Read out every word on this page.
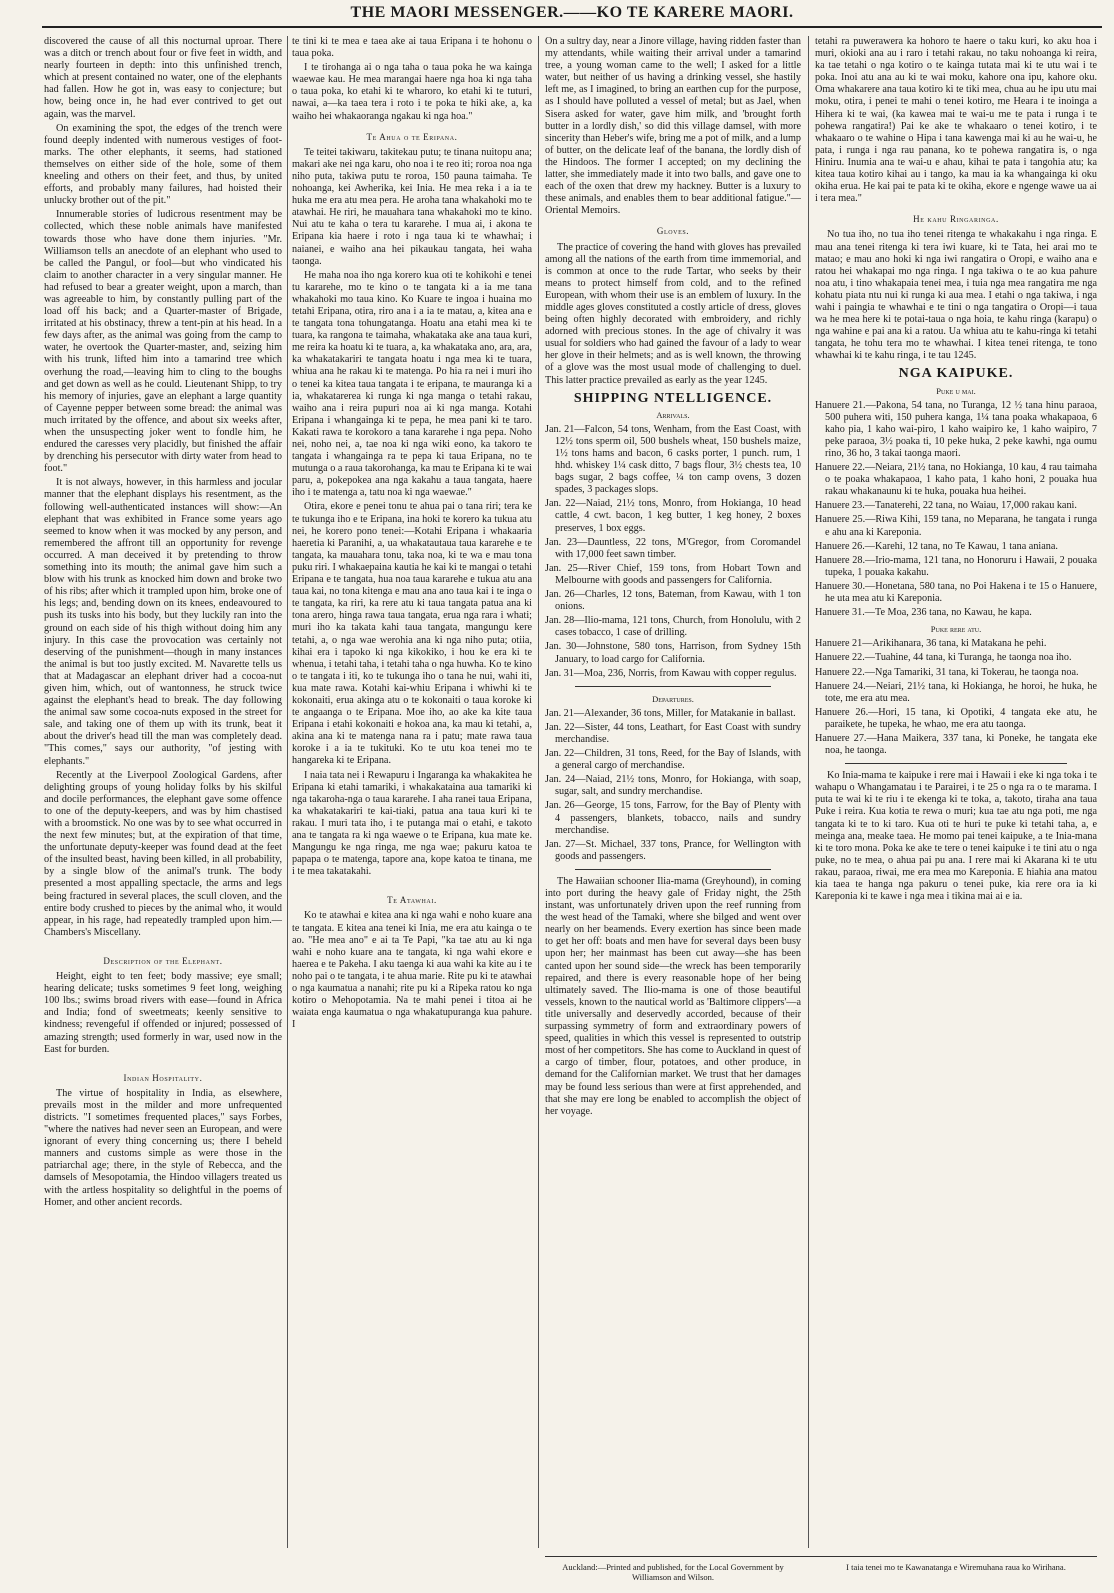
THE MAORI MESSENGER.——KO TE KARERE MAORI.

discovered the cause of all this nocturnal uproar. There was a ditch or trench about four or five feet in width, and nearly fourteen in depth: into this unfinished trench, which at present contained no water, one of the elephants had fallen. How he got in, was easy to conjecture; but how, being once in, he had ever contrived to get out again, was the marvel.

On examining the spot, the edges of the trench were found deeply indented with numerous vestiges of foot-marks. The other elephants, it seems, had stationed themselves on either side of the hole, some of them kneeling and others on their feet, and thus, by united efforts, and probably many failures, had hoisted their unlucky brother out of the pit."

Innumerable stories of ludicrous resentment may be collected, which these noble animals have manifested towards those who have done them injuries. "Mr. Williamson tells an anecdote of an elephant who used to be called the Pangul, or fool—but who vindicated his claim to another character in a very singular manner. He had refused to bear a greater weight, upon a march, than was agreeable to him, by constantly pulling part of the load off his back; and a Quarter-master of Brigade, irritated at his obstinacy, threw a tent-pin at his head. In a few days after, as the animal was going from the camp to water, he overtook the Quarter-master, and, seizing him with his trunk, lifted him into a tamarind tree which overhung the road,—leaving him to cling to the boughs and get down as well as he could. Lieutenant Shipp, to try his memory of injuries, gave an elephant a large quantity of Cayenne pepper between some bread: the animal was much irritated by the offence, and about six weeks after, when the unsuspecting joker went to fondle him, he endured the caresses very placidly, but finished the affair by drenching his persecutor with dirty water from head to foot."

It is not always, however, in this harmless and jocular manner that the elephant displays his resentment, as the following well-authenticated instances will show:—An elephant that was exhibited in France some years ago seemed to know when it was mocked by any person, and remembered the affront till an opportunity for revenge occurred. A man deceived it by pretending to throw something into its mouth; the animal gave him such a blow with his trunk as knocked him down and broke two of his ribs; after which it trampled upon him, broke one of his legs; and, bending down on its knees, endeavoured to push its tusks into his body, but they luckily ran into the ground on each side of his thigh without doing him any injury. In this case the provocation was certainly not deserving of the punishment—though in many instances the animal is but too justly excited. M. Navarette tells us that at Madagascar an elephant driver had a cocoa-nut given him, which, out of wantonness, he struck twice against the elephant's head to break. The day following the animal saw some cocoa-nuts exposed in the street for sale, and taking one of them up with its trunk, beat it about the driver's head till the man was completely dead. "This comes," says our authority, "of jesting with elephants."

Recently at the Liverpool Zoological Gardens, after delighting groups of young holiday folks by his skilful and docile performances, the elephant gave some offence to one of the deputy-keepers, and was by him chastised with a broomstick. No one was by to see what occurred in the next few minutes; but, at the expiration of that time, the unfortunate deputy-keeper was found dead at the feet of the insulted beast, having been killed, in all probability, by a single blow of the animal's trunk. The body presented a most appalling spectacle, the arms and legs being fractured in several places, the scull cloven, and the entire body crushed to pieces by the animal who, it would appear, in his rage, had repeatedly trampled upon him.—Chambers's Miscellany.

Description of the Elephant.

Height, eight to ten feet; body massive; eye small; hearing delicate; tusks sometimes 9 feet long, weighing 100 lbs.; swims broad rivers with ease—found in Africa and India; fond of sweetmeats; keenly sensitive to kindness; revengeful if offended or injured; possessed of amazing strength; used formerly in war, used now in the East for burden.

Indian Hospitality.

The virtue of hospitality in India, as elsewhere, prevails most in the milder and more unfrequented districts. "I sometimes frequented places," says Forbes, "where the natives had never seen an European, and were ignorant of every thing concerning us; there I beheld manners and customs simple as were those in the patriarchal age; there, in the style of Rebecca, and the damsels of Mesopotamia, the Hindoo villagers treated us with the artless hospitality so delightful in the poems of Homer, and other ancient records.

te tini ki te mea e taea ake ai taua Eripana i te hohonu o taua poka.

I te tirohanga ai o nga taha o taua poka he wa kainga waewae kau. He mea marangai haere nga hoa ki nga taha o taua poka, ko etahi ki te wharoro, ko etahi ki te tuturi, nawai, a—ka taea tera i roto i te poka te hiki ake, a, ka waiho hei whakaoranga ngakau ki nga hoa."

Te Ahua o te Eripana.

Te teitei takiwaru, takitekau putu; te tinana nuitopu ana; makari ake nei nga karu, oho noa i te reo iti; roroa noa nga niho puta, takiwa putu te roroa, 150 pauna taimaha. Te nohoanga, kei Awherika, kei Inia. He mea reka i a ia te huka me era atu mea pera. He aroha tana whakahoki mo te atawhai. He riri, he mauahara tana whakahoki mo te kino. Nui atu te kaha o tera tu kararehe. I mua ai, i akona te Eripana kia haere i roto i nga taua ki te whawhai; i naianei, e waiho ana hei pikaukau tangata, hei waha taonga.

He maha noa iho nga korero kua oti te kohikohi e tenei tu kararehe, mo te kino o te tangata ki a ia me tana whakahoki mo taua kino. Ko Kuare te ingoa i huaina mo tetahi Eripana, otira, riro ana i a ia te matau, a, kitea ana e te tangata tona tohungatanga. Hoatu ana etahi mea ki te tuara, ka rangona te taimaha, whakataka ake ana taua kuri, me reira ka hoatu ki te tuara, a, ka whakataka ano, ara, ara, ka whakatakariri te tangata hoatu i nga mea ki te tuara, whiua ana he rakau ki te matenga. Po hia ra nei i muri iho o tenei ka kitea taua tangata i te eripana, te mauranga ki a ia, whakatarerea ki runga ki nga manga o tetahi rakau, waiho ana i reira pupuri noa ai ki nga manga. Kotahi Eripana i whangainga ki te pepa, he mea pani ki te taro. Kakati rawa te korokoro a tana kararehe i nga pepa. Noho nei, noho nei, a, tae noa ki nga wiki eono, ka takoro te tangata i whangainga ra te pepa ki taua Eripana, no te mutunga o a raua takorohanga, ka mau te Eripana ki te wai paru, a, pokepokea ana nga kakahu a taua tangata, haere iho i te matenga a, tatu noa ki nga waewae."

Otira, ekore e penei tonu te ahua pai o tana riri; tera ke te tukunga iho e te Eripana, ina hoki te korero ka tukua atu nei, he korero pono tenei:—Kotahi Eripana i whakaaria haeretia ki Paranihi, a, ua whakatautaua taua kararehe e te tangata, ka mauahara tonu, taka noa, ki te wa e mau tona puku riri. I whakaepaina kautia he kai ki te mangai o tetahi Eripana e te tangata, hua noa taua kararehe e tukua atu ana taua kai, no tona kitenga e mau ana ano taua kai i te inga o te tangata, ka riri, ka rere atu ki taua tangata patua ana ki tona arero, hinga rawa taua tangata, erua nga rara i whati; muri iho ka takata kahi taua tangata, mangungu kere tetahi, a, o nga wae werohia ana ki nga niho puta; otiia, kihai era i tapoko ki nga kikokiko, i hou ke era ki te whenua, i tetahi taha, i tetahi taha o nga huwha. Ko te kino o te tangata i iti, ko te tukunga iho o tana he nui, wahi iti, kua mate rawa. Kotahi kai-whiu Eripana i whiwhi ki te kokonaiti, erua akinga atu o te kokonaiti o taua koroke ki te angaanga o te Eripana. Moe iho, ao ake ka kite taua Eripana i etahi kokonaiti e hokoa ana, ka mau ki tetahi, a, akina ana ki te matenga nana ra i patu; mate rawa taua koroke i a ia te tukituki. Ko te utu koa tenei mo te hangareka ki te Eripana.

I naia tata nei i Rewapuru i Ingaranga ka whakakitea he Eripana ki etahi tamariki, i whakakataina aua tamariki ki nga takaroha-nga o taua kararehe. I aha ranei taua Eripana, ka whakatakariri te kai-tiaki, patua ana taua kuri ki te rakau. I muri tata iho, i te putanga mai o etahi, e takoto ana te tangata ra ki nga waewe o te Eripana, kua mate ke. Mangungu ke nga ringa, me nga wae; pakuru katoa te papapa o te matenga, tapore ana, kope katoa te tinana, me i te mea takatakahi.

Te Atawhai.

Ko te atawhai e kitea ana ki nga wahi e noho kuare ana te tangata. E kitea ana tenei ki Inia, me era atu kainga o te ao. "He mea ano" e ai ta Te Papi, "ka tae atu au ki nga wahi e noho kuare ana te tangata, ki nga wahi ekore e haerea e te Pakeha. I aku taenga ki aua wahi ka kite au i te noho pai o te tangata, i te ahua marie. Rite pu ki te atawhai o nga kaumatua a nanahi; rite pu ki a Ripeka ratou ko nga kotiro o Mehopotamia. Na te mahi penei i titoa ai he waiata enga kaumatua o nga whakatupuranga kua pahure. I

On a sultry day, near a Jinore village, having ridden faster than my attendants, while waiting their arrival under a tamarind tree, a young woman came to the well; I asked for a little water, but neither of us having a drinking vessel, she hastily left me, as I imagined, to bring an earthen cup for the purpose, as I should have polluted a vessel of metal; but as Jael, when Sisera asked for water, gave him milk, and 'brought forth butter in a lordly dish,' so did this village damsel, with more sincerity than Heber's wife, bring me a pot of milk, and a lump of butter, on the delicate leaf of the banana, the lordly dish of the Hindoos. The former I accepted; on my declining the latter, she immediately made it into two balls, and gave one to each of the oxen that drew my hackney. Butter is a luxury to these animals, and enables them to bear additional fatigue."—Oriental Memoirs.

Gloves.

The practice of covering the hand with gloves has prevailed among all the nations of the earth from time immemorial, and is common at once to the rude Tartar, who seeks by their means to protect himself from cold, and to the refined European, with whom their use is an emblem of luxury. In the middle ages gloves constituted a costly article of dress, gloves being often highly decorated with embroidery, and richly adorned with precious stones. In the age of chivalry it was usual for soldiers who had gained the favour of a lady to wear her glove in their helmets; and as is well known, the throwing of a glove was the most usual mode of challenging to duel. This latter practice prevailed as early as the year 1245.

SHIPPING NTELLIGENCE.
Arrivals.

Jan. 21—Falcon, 54 tons, Wenham, from the East Coast, with 12½ tons sperm oil, 500 bushels wheat, 150 bushels maize, 1½ tons hams and bacon, 6 casks porter, 1 punch. rum, 1 hhd. whiskey 1¼ cask ditto, 7 bags flour, 3½ chests tea, 10 bags sugar, 2 bags coffee, ¼ ton camp ovens, 3 dozen spades, 3 packages slops.

Jan. 22—Naiad, 21½ tons, Monro, from Hokianga, 10 head cattle, 4 cwt. bacon, 1 keg butter, 1 keg honey, 2 boxes preserves, 1 box eggs.

Jan. 23—Dauntless, 22 tons, M'Gregor, from Coromandel with 17,000 feet sawn timber.

Jan. 25—River Chief, 159 tons, from Hobart Town and Melbourne with goods and passengers for California.

Jan. 26—Charles, 12 tons, Bateman, from Kawau, with 1 ton onions.

Jan. 28—Ilio-mama, 121 tons, Church, from Honolulu, with 2 cases tobacco, 1 case of drilling.

Jan. 30—Johnstone, 580 tons, Harrison, from Sydney 15th January, to load cargo for California.

Jan. 31—Moa, 236, Norris, from Kawau with copper regulus.

Departures.

Jan. 21—Alexander, 36 tons, Miller, for Matakanie in ballast.

Jan. 22—Sister, 44 tons, Leathart, for East Coast with sundry merchandise.

Jan. 22—Children, 31 tons, Reed, for the Bay of Islands, with a general cargo of merchandise.

Jan. 24—Naiad, 21½ tons, Monro, for Hokianga, with soap, sugar, salt, and sundry merchandise.

Jan. 26—George, 15 tons, Farrow, for the Bay of Plenty with 4 passengers, blankets, tobacco, nails and sundry merchandise.

Jan. 27—St. Michael, 337 tons, Prance, for Wellington with goods and passengers.

The Hawaiian schooner Ilia-mama (Greyhound), in coming into port during the heavy gale of Friday night, the 25th instant, was unfortunately driven upon the reef running from the west head of the Tamaki, where she bilged and went over nearly on her beamends. Every exertion has since been made to get her off: boats and men have for several days been busy upon her; her mainmast has been cut away—she has been canted upon her sound side—the wreck has been temporarily repaired, and there is every reasonable hope of her being ultimately saved. The Ilio-mama is one of those beautiful vessels, known to the nautical world as 'Baltimore clippers'—a title universally and deservedly accorded, because of their surpassing symmetry of form and extraordinary powers of speed, qualities in which this vessel is represented to outstrip most of her competitors. She has come to Auckland in quest of a cargo of timber, flour, potatoes, and other produce, in demand for the Californian market. We trust that her damages may be found less serious than were at first apprehended, and that she may ere long be enabled to accomplish the object of her voyage.

tetahi ra puwerawera ka hohoro te haere o taku kuri, ko aku hoa i muri, okioki ana au i raro i tetahi rakau, no taku nohoanga ki reira, ka tae tetahi o nga kotiro o te kainga tutata mai ki te utu wai i te poka. Inoi atu ana au ki te wai moku, kahore ona ipu, kahore oku. Oma whakarere ana taua kotiro ki te tiki mea, chua au he ipu utu mai moku, otira, i penei te mahi o tenei kotiro, me Heara i te inoinga a Hihera ki te wai, (ka kawea mai te wai-u me te pata i runga i te pohewa rangatira!) Pai ke ake te whakaaro o tenei kotiro, i te whakaaro o te wahine o Hipa i tana kawenga mai ki au he wai-u, he pata, i runga i nga rau panana, ko te pohewa rangatira is, o nga Hiniru. Inumia ana te wai-u e ahau, kihai te pata i tangohia atu; ka kitea taua kotiro kihai au i tango, ka mau ia ka whangainga ki oku okiha erua. He kai pai te pata ki te okiha, ekore e ngenge wawe ua ai i tera mea."

He kahu Ringaringa.

No tua iho, no tua iho tenei ritenga te whakakahu i nga ringa. E mau ana tenei ritenga ki tera iwi kuare, ki te Tata, hei arai mo te matao; e mau ano hoki ki nga iwi rangatira o Oropi, e waiho ana e ratou hei whakapai mo nga ringa. I nga takiwa o te ao kua pahure noa atu, i tino whakapaia tenei mea, i tuia nga mea rangatira me nga kohatu piata ntu nui ki runga ki aua mea. I etahi o nga takiwa, i nga wahi i paingia te whawhai e te tini o nga tangatira o Oropi—i taua wa he mea here ki te potai-taua o nga hoia, te kahu ringa (karapu) o nga wahine e pai ana ki a ratou. Ua whiua atu te kahu-ringa ki tetahi tangata, he tohu tera mo te whawhai. I kitea tenei ritenga, te tono whawhai ki te kahu ringa, i te tau 1245.

NGA KAIPUKE.
Puke u mai.

Hanuere 21.—Pakona, 54 tana, no Turanga, 12 ½ tana hinu paraoa, 500 puhera witi, 150 puhera kanga, 1¼ tana poaka whakapaoa, 6 kaho pia, 1 kaho wai-piro, 1 kaho waipiro ke, 1 kaho waipiro, 7 peke paraoa, 3½ poaka ti, 10 peke huka, 2 peke kawhi, nga oumu rino, 36 ho, 3 takai taonga maori.

Hanuere 22.—Neiara, 21½ tana, no Hokianga, 10 kau, 4 rau taimaha o te poaka whakapaoa, 1 kaho pata, 1 kaho honi, 2 pouaka hua rakau whakanaunu ki te huka, pouaka hua heihei.

Hanuere 23.—Tanaterehi, 22 tana, no Waiau, 17,000 rakau kani.

Hanuere 25.—Riwa Kihi, 159 tana, no Meparana, he tangata i runga e ahu ana ki Kareponia.

Hanuere 26.—Karehi, 12 tana, no Te Kawau, 1 tana aniana.

Hanuere 28.—Irio-mama, 121 tana, no Honoruru i Hawaii, 2 pouaka tupeka, 1 pouaka kakahu.

Hanuere 30.—Honetana, 580 tana, no Poi Hakena i te 15 o Hanuere, he uta mea atu ki Kareponia.

Hanuere 31.—Te Moa, 236 tana, no Kawau, he kapa.

Puke rere atu.

Hanuere 21—Arikihanara, 36 tana, ki Matakana he pehi.

Hanuere 22.—Tuahine, 44 tana, ki Turanga, he taonga noa iho.

Hanuere 22.—Nga Tamariki, 31 tana, ki Tokerau, he taonga noa.

Hanuere 24.—Neiari, 21½ tana, ki Hokianga, he horoi, he huka, he tote, me era atu mea.

Hanuere 26.—Hori, 15 tana, ki Opotiki, 4 tangata eke atu, he paraikete, he tupeka, he whao, me era atu taonga.

Hanuere 27.—Hana Maikera, 337 tana, ki Poneke, he tangata eke noa, he taonga.

Ko Inia-mama te kaipuke i rere mai i Hawaii i eke ki nga toka i te wahapu o Whangamatau i te Parairei, i te 25 o nga ra o te marama. I puta te wai ki te riu i te ekenga ki te toka, a, takoto, tiraha ana taua Puke i reira. Kua kotia te rewa o muri; kua tae atu nga poti, me nga tangata ki te to ki taro. Kua oti te huri te puke ki tetahi taha, a, e meinga ana, meake taea. He momo pai tenei kaipuke, a te Inia-mana ki te toro mona. Poka ke ake te tere o tenei kaipuke i te tini atu o nga puke, no te mea, o ahua pai pu ana. I rere mai ki Akarana ki te utu rakau, paraoa, riwai, me era mea mo Kareponia. E hiahia ana matou kia taea te hanga nga pakuru o tenei puke, kia rere ora ia ki Kareponia ki te kawe i nga mea i tikina mai ai e ia.

Auckland:—Printed and published, for the Local Government by Williamson and Wilson.
I taia tenei mo te Kawanatanga e Wiremuhana raua ko Wirihana.
